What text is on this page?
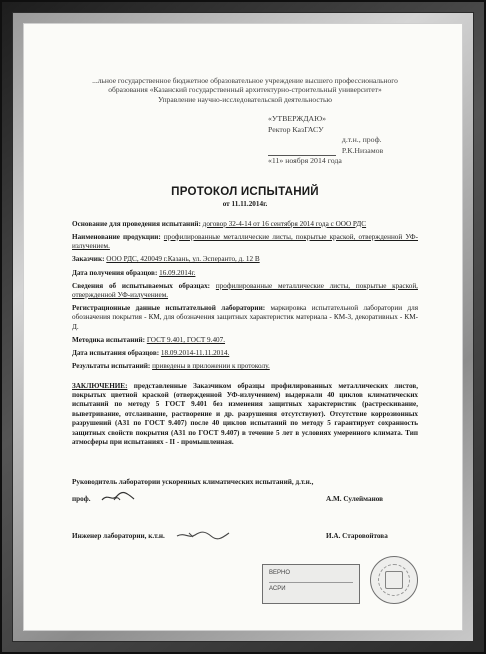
...льное государственное бюджетное образовательное учреждение высшего профессионального
образования «Казанский государственный архитектурно-строительный университет»
Управление научно-исследовательской деятельностью
«УТВЕРЖДАЮ»
Ректор КазГАСУ
д.т.н., проф. Р.К.Низамов
«11» ноября 2014 года
ПРОТОКОЛ ИСПЫТАНИЙ
от 11.11.2014г.
Основание для проведения испытаний: договор 32-4-14 от 16 сентября 2014 года с ООО РДС
Наименование продукции: профилированные металлические листы, покрытые краской, отвержденной УФ-излучением.
Заказчик: ООО РДС, 420049 г.Казань, ул. Эсперанто, д. 12 В
Дата получения образцов: 16.09.2014г.
Сведения об испытываемых образцах: профилированные металлические листы, покрытые краской, отвержденной УФ-излучением.
Регистрационные данные испытательной лаборатории: маркировка испытательной лаборатории для обозначения покрытия - КМ, для обозначения защитных характеристик материала - КМ-3, декоративных - КМ-Д.
Методика испытаний: ГОСТ 9.401, ГОСТ 9.407.
Дата испытания образцов: 18.09.2014-11.11.2014.
Результаты испытаний: приведены в приложении к протоколу.
ЗАКЛЮЧЕНИЕ: представленные Заказчиком образцы профилированных металлических листов, покрытых цветной краской (отвержденной УФ-излучением) выдержали 40 циклов климатических испытаний по методу 5 ГОСТ 9.401 без изменения защитных характеристик (растрескивание, выветривание, отслаивание, растворение и др. разрушения отсутствуют). Отсутствие коррозионных разрушений (А31 по ГОСТ 9.407) после 40 циклов испытаний по методу 5 гарантирует сохранность защитных свойств покрытия (А31 по ГОСТ 9.407) в течение 5 лет в условиях умеренного климата. Тип атмосферы при испытаниях - II - промышленная.
Руководитель лаборатории ускоренных климатических испытаний, д.т.н., проф.	А.М. Сулейманов
Инженер лаборатории, к.т.н.	И.А. Старовойтова
ВЕРНО
АСРИ
